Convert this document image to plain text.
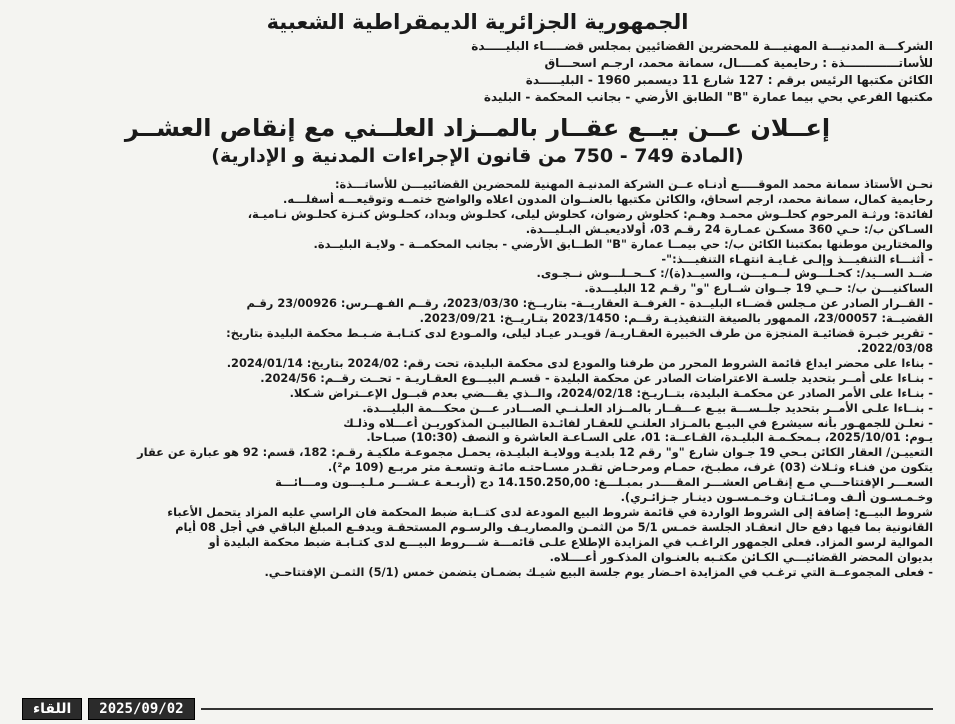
الجمهورية الجزائرية الديمقراطية الشعبية

الشركـــة المدنيـــة المهنيـــة للمحضرين القضائيين بمجلس قضـــــاء البليـــــدة

للأساتـــــــــــــذة : رحايمية كمــــال، سمانة محمد، ارجـم اسحـــاق

الكائن مكتبها الرئيس برقم : 127 شارع 11 ديسمبر 1960 - البليـــــدة

مكتبها الفرعي بحي بيما عمارة "B" الطابق الأرضي - بجانب المحكمة - البليدة

إعــلان عــن بيــع عقــار بالمــزاد العلــني مع إنقاص العشــر

(المادة 749 - 750 من قانون الإجراءات المدنية و الإدارية)

نحـن الأستاذ سمانة محمد الموقـــــع أدنـاه عــن الشركة المدنيـة المهنية للمحضرين القضائييـــن للأساتـــذة:

رحايمية كمال، سمانة محمد، ارجم اسحاق، والكائن مكتبها بالعنــوان المدون اعلاه والواضح ختمــه وتوقيعـــه أسفلـــه.

لفائدة: ورثـة المرحوم كحلــوش محمـد وهـم: كحلوش رضوان، كحلوش ليلى، كحلـوش وبداد، كحلـوش كنـزة كحلـوش نـاميـة،

السـاكن ب/: حـي 360 مسكـن عمـارة 24 رقـم 03، أولاديعيـش البـليـــدة.

والمختارين موطنها بمكتبنا الكائن ب/: حي بيمــا عمارة "B" الطــابق الأرضي - بجانب المحكمــة - ولايـة البليــدة.

- أثنـــاء التنفيـــذ وإلـى غـايـة انتهـاء التنفيـــذ:"-

ضــد الســيد/: كحـلـــوش لــمـيـــن، والسيــد(ة)/: كــحــلـــوش نــجـوى.

الساكنيـــن ب/: حــي 19 جــوان شــارع "و" رقـم 12 البليـــدة.

- القــرار الصادر عن مـجلس قضــاء البليــدة - الغرفــة العقاريــة- بتاريــخ: 2023/03/30، رقــم الفـهــرس: 23/00926 رقـم

القضيــة: 23/00057، الممهور بالصيغة التنفيذيـة رقــم: 2023/1450 بتـاريــخ: 2023/09/21.

- تقرير خبـرة قضائيـة المنجزة من طرف الخبيرة العقـاريـة/ قويـدر عيـاد ليلى، والمـودع لدى كتـابـة ضـبـط محكمة البليدة بتاريخ:

2022/03/08.

- بناءا على محضر ايداع قائمة الشروط المحرر من طرفنا والمودع لدى محكمة البليدة، تحت رقم: 2024/02 بتاريخ: 2024/01/14.

- بنـاءا على أمــر بتحديد جلسـة الاعتراضات الصادر عن محكمة البليدة - قسـم البيـــوع العقـاريـة - تحــت رقــم: 2024/56.

- بنـاءا على الأمر الصادر عن محكمـة البليدة، بتــاريـخ: 2024/02/18، والــذي يقـــضي بعدم قبــول الإعــتراض شـكلا.

- بنــاءا علـى الأمــر بتحديد جلــســـة بيـع عـــقــار بالمــزاد العلـنــي الصـــادر عـــن محكـــمة البليـــدة.

- نعلـن للجمهـور بأنه سيشرع في البيـع بالمـزاد العلنـي للعقـار لفائـدة الطالبيـن المذكوريـن أعـــلاه وذلـك

يـوم: 2025/10/01، بـمحكـمـة البليـدة، القـاعــة: 01، على السـاعـة العاشرة و النصف (10:30) صبـاحا.

التعييـن/ العقار الكائن بـحي 19 جـوان شارع "و" رقم 12 بلديـة وولايـة البليـدة، يحمـل مجموعـة ملكيـة رقـم: 182، قسم: 92 هو عبارة عن عقار

يتكون من فنـاء وثـلاث (03) غرف، مطبـخ، حمـام ومرحـاض تقـدر مسـاحتـه مائـة وتسعـة متر مربـع (109 م²).

السعـــر الإفتتاحـــي مـع إنقـاص العشـــر المقــــدر بمبـلـــغ: 14.150.250,00 دج (أربـعـة عـشـــر مـلـيـــون ومـــائـــة

وخـمـسـون ألـف ومـائـتـان وخـمـسـون دينـار جـزائـري).

شروط البيــع: إضافة إلى الشروط الواردة في قائمة شروط البيع المودعة لدى كتــابة ضبط المحكمة فان الراسي عليه المزاد يتحمل الأعباء

القانونية بما فيها دفع حال انعقـاد الجلسة خمـس 5/1 من الثمـن والمصاريـف والرسـوم المستحقـة ويدفـع المبلغ الباقي في أجل 08 أيام

الموالية لرسو المزاد. فعلى الجمهور الراغـب في المزايدة الإطلاع علـى قائمـــة شـــروط البيـــع لدى كتـابـة ضبط محكمة البليدة أو

بديوان المحضر القضائيـــي الكـائن مكتـبه بالعنـوان المذكـور أعــــلاه.

- فعلى المجموعــة التي ترغـب في المزايدة احـضار يوم جلسة البيع شيـك بضمـان يتضمن خمس (5/1) الثمـن الإفتتاحـي.

اللقاء	2025/09/02
